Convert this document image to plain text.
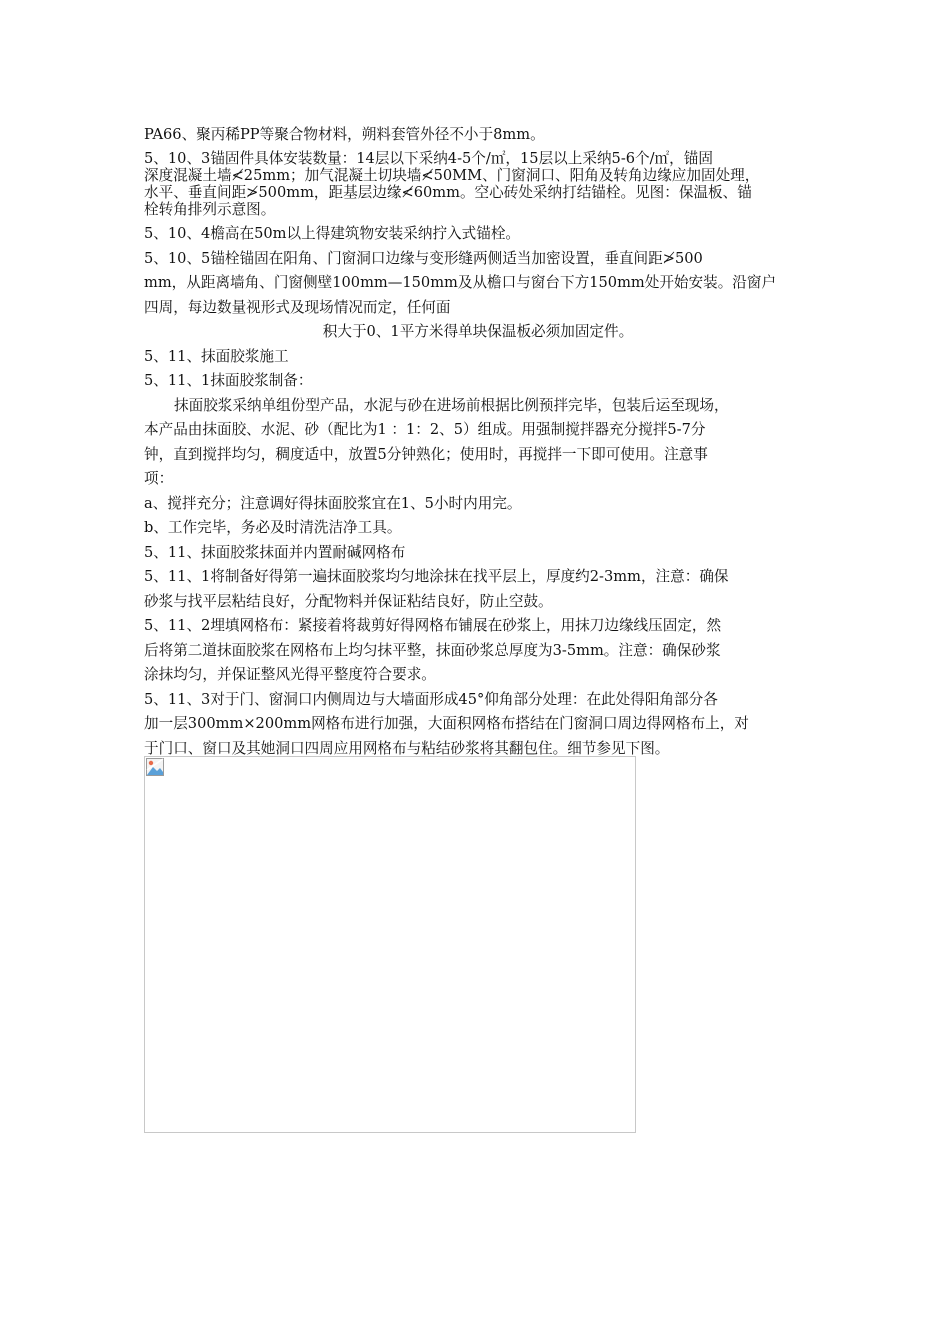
PA66、聚丙稀PP等聚合物材料，朔料套管外径不小于8mm。

5、10、3锚固件具体安装数量：14层以下采纳4-5个/㎡，15层以上采纳5-6个/㎡，锚固

深度混凝土墙≮25mm；加气混凝土切块墙≮50MM、门窗洞口、阳角及转角边缘应加固处理，

水平、垂直间距≯500mm，距基层边缘≮60mm。空心砖处采纳打结锚栓。见图：保温板、锚

栓转角排列示意图。

5、10、4檐高在50m以上得建筑物安装采纳拧入式锚栓。

5、10、5锚栓锚固在阳角、门窗洞口边缘与变形缝两侧适当加密设置，垂直间距≯500

mm，从距离墙角、门窗侧壁100mm—150mm及从檐口与窗台下方150mm处开始安装。沿窗户

四周，每边数量视形式及现场情况而定，任何面

积大于0、1平方米得单块保温板必须加固定件。

5、11、抹面胶浆施工

5、11、1抹面胶浆制备：

抹面胶浆采纳单组份型产品，水泥与砂在进场前根据比例预拌完毕，包装后运至现场，

本产品由抹面胶、水泥、砂（配比为1 ：1：2、5）组成。用强制搅拌器充分搅拌5-7分

钟，直到搅拌均匀，稠度适中，放置5分钟熟化；使用时，再搅拌一下即可使用。注意事

项：

a、搅拌充分；注意调好得抹面胶浆宜在1、5小时内用完。

b、工作完毕，务必及时清洗洁净工具。

5、11、抹面胶浆抹面并内置耐碱网格布

5、11、1将制备好得第一遍抹面胶浆均匀地涂抹在找平层上，厚度约2-3mm，注意：确保

砂浆与找平层粘结良好，分配物料并保证粘结良好，防止空鼓。

5、11、2埋填网格布：紧接着将裁剪好得网格布铺展在砂浆上，用抹刀边缘线压固定，然

后将第二道抹面胶浆在网格布上均匀抹平整，抹面砂浆总厚度为3-5mm。注意：确保砂浆

涂抹均匀，并保证整风光得平整度符合要求。

5、11、3对于门、窗洞口内侧周边与大墙面形成45°仰角部分处理：在此处得阳角部分各

加一层300mm×200mm网格布进行加强，大面积网格布搭结在门窗洞口周边得网格布上，对

于门口、窗口及其她洞口四周应用网格布与粘结砂浆将其翻包住。细节参见下图。
